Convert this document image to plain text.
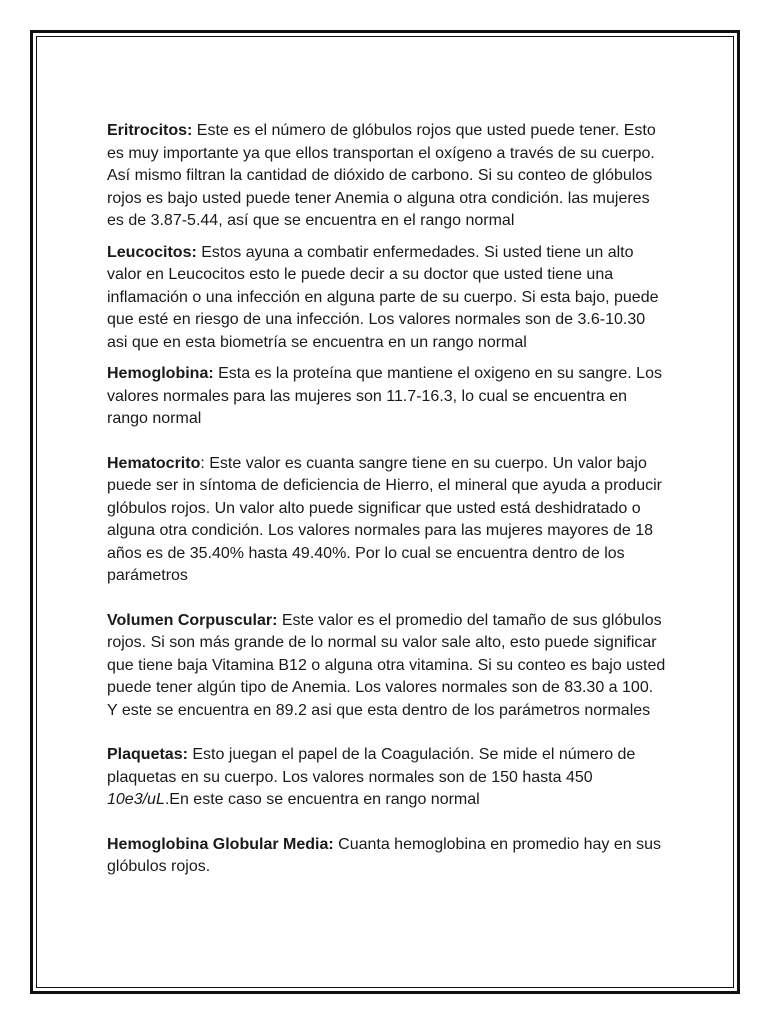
Eritrocitos: Este es el número de glóbulos rojos que usted puede tener. Esto es muy importante ya que ellos transportan el oxígeno a través de su cuerpo. Así mismo filtran la cantidad de dióxido de carbono. Si su conteo de glóbulos rojos es bajo usted puede tener Anemia o alguna otra condición. las mujeres es de 3.87-5.44, así que se encuentra en el rango normal

Leucocitos: Estos ayuna a combatir enfermedades. Si usted tiene un alto valor en Leucocitos esto le puede decir a su doctor que usted tiene una inflamación o una infección en alguna parte de su cuerpo. Si esta bajo, puede que esté en riesgo de una infección. Los valores normales son de 3.6-10.30 asi que en esta biometría se encuentra en un rango normal

Hemoglobina: Esta es la proteína que mantiene el oxigeno en su sangre. Los valores normales para las mujeres son 11.7-16.3, lo cual se encuentra en rango normal

Hematocrito: Este valor es cuanta sangre tiene en su cuerpo. Un valor bajo puede ser in síntoma de deficiencia de Hierro, el mineral que ayuda a producir glóbulos rojos. Un valor alto puede significar que usted está deshidratado o alguna otra condición. Los valores normales para las mujeres mayores de 18 años es de 35.40% hasta 49.40%. Por lo cual se encuentra dentro de los parámetros

Volumen Corpuscular: Este valor es el promedio del tamaño de sus glóbulos rojos. Si son más grande de lo normal su valor sale alto, esto puede significar que tiene baja Vitamina B12 o alguna otra vitamina. Si su conteo es bajo usted puede tener algún tipo de Anemia. Los valores normales son de 83.30 a 100. Y este se encuentra en 89.2 asi que esta dentro de los parámetros normales

Plaquetas: Esto juegan el papel de la Coagulación. Se mide el número de plaquetas en su cuerpo. Los valores normales son de 150 hasta 450 10e3/uL.En este caso se encuentra en rango normal

Hemoglobina Globular Media: Cuanta hemoglobina en promedio hay en sus glóbulos rojos.
